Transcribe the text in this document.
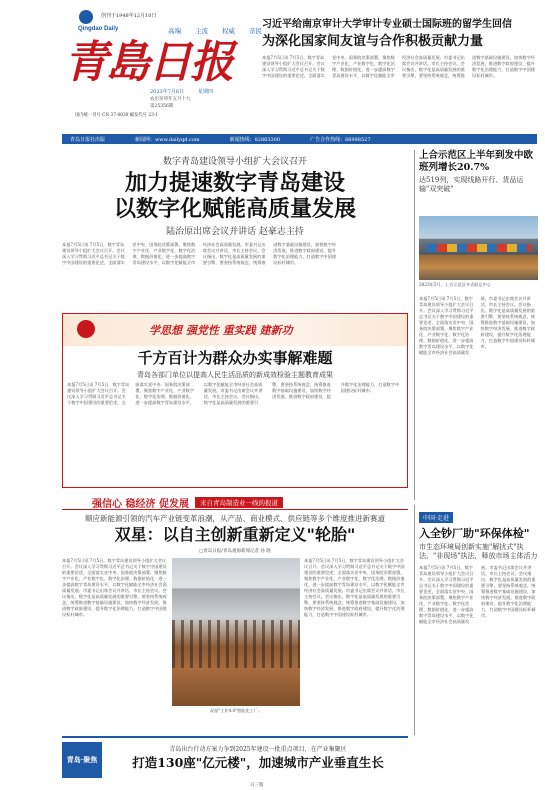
Qingdao Daily
创刊于1948年12月10日
高端 主流 权威 亲民
青島日报
2023年7月6日	星期四
农历癸卯年五月十九
第25356期
国内统一刊号 CN 37-0030 邮发代号 23-1
习近平给南京审计大学审计专业硕士国际班的留学生回信
为深化国家间友谊与合作积极贡献力量
本报7月5日讯 7月5日，数字青岛建设领导小组扩大会议召开。会议深入学习贯彻习近平总书记关于数字中国建设的重要论述，全面落实党中央、国务院决策部署，聚焦数字产业化、产业数字化、数字化治理、数据价值化，进一步提高数字青岛建设水平，以数字化赋能全市经济社会高质量发展。市委书记出席会议并讲话，市长主持会议。会议指出，数字化是高质量发展的重要引擎，要坚持系统观念，统筹推进数字基础设施建设，加快数字经济发展，推进数字政府建设，提升数字化治理能力，打造数字中国建设标杆城市。
青岛日报社出版	新闻网：www.dailyqd.com	新闻热线：82863300	广告合作热线：66988527
数字青岛建设领导小组扩大会议召开
加力提速数字青岛建设
以数字化赋能高质量发展
陆治原出席会议并讲话 赵豪志主持
本报7月5日讯 7月5日，数字青岛建设领导小组扩大会议召开。会议深入学习贯彻习近平总书记关于数字中国建设的重要论述，全面落实党中央、国务院决策部署，聚焦数字产业化、产业数字化、数字化治理、数据价值化，进一步提高数字青岛建设水平，以数字化赋能全市经济社会高质量发展。市委书记出席会议并讲话，市长主持会议。会议指出，数字化是高质量发展的重要引擎，要坚持系统观念，统筹推进数字基础设施建设，加快数字经济发展，推进数字政府建设，提升数字化治理能力，打造数字中国建设标杆城市。
上合示范区上半年到发中欧班列增长20.7%
达519列，实现线路开行、货品运输"双突破"
2023年5月，上合示范区多式联运中心
本报7月5日讯 7月5日，数字青岛建设领导小组扩大会议召开。会议深入学习贯彻习近平总书记关于数字中国建设的重要论述，全面落实党中央、国务院决策部署，聚焦数字产业化、产业数字化、数字化治理、数据价值化，进一步提高数字青岛建设水平，以数字化赋能全市经济社会高质量发展。市委书记出席会议并讲话，市长主持会议。会议指出，数字化是高质量发展的重要引擎，要坚持系统观念，统筹推进数字基础设施建设，加快数字经济发展，推进数字政府建设，提升数字化治理能力，打造数字中国建设标杆城市。
学思想 强党性 重实践 建新功
千方百计为群众办实事解难题
青岛各部门单位以提高人民生活品质的新成效检验主题教育成果
本报7月5日讯 7月5日，数字青岛建设领导小组扩大会议召开。会议深入学习贯彻习近平总书记关于数字中国建设的重要论述，全面落实党中央、国务院决策部署，聚焦数字产业化、产业数字化、数字化治理、数据价值化，进一步提高数字青岛建设水平，以数字化赋能全市经济社会高质量发展。市委书记出席会议并讲话，市长主持会议。会议指出，数字化是高质量发展的重要引擎，要坚持系统观念，统筹推进数字基础设施建设，加快数字经济发展，推进数字政府建设，提升数字化治理能力，打造数字中国建设标杆城市。
强信心 稳经济 促发展	来自青岛制造业一线的报道
顺应新能源引领的汽车产业链变革浪潮，从产品、商业模式、供应链等多个维度推进新赛道
双星：以自主创新重新定义"轮胎"
□青岛日报/青岛观海新闻记者 孙 晓
本报7月5日讯 7月5日，数字青岛建设领导小组扩大会议召开。会议深入学习贯彻习近平总书记关于数字中国建设的重要论述，全面落实党中央、国务院决策部署，聚焦数字产业化、产业数字化、数字化治理、数据价值化，进一步提高数字青岛建设水平，以数字化赋能全市经济社会高质量发展。市委书记出席会议并讲话，市长主持会议。会议指出，数字化是高质量发展的重要引擎，要坚持系统观念，统筹推进数字基础设施建设，加快数字经济发展，推进数字政府建设，提升数字化治理能力，打造数字中国建设标杆城市。
双星"工业4.0"智能化工厂。
本报7月5日讯 7月5日，数字青岛建设领导小组扩大会议召开。会议深入学习贯彻习近平总书记关于数字中国建设的重要论述，全面落实党中央、国务院决策部署，聚焦数字产业化、产业数字化、数字化治理、数据价值化，进一步提高数字青岛建设水平，以数字化赋能全市经济社会高质量发展。市委书记出席会议并讲话，市长主持会议。会议指出，数字化是高质量发展的重要引擎，要坚持系统观念，统筹推进数字基础设施建设，加快数字经济发展，推进数字政府建设，提升数字化治理能力，打造数字中国建设标杆城市。
中国·走进
入全钞厂助"环保体检"
市生态环境局创新实施"解扰式"执法、"非现场"执法，释放市场主体活力
本报7月5日讯 7月5日，数字青岛建设领导小组扩大会议召开。会议深入学习贯彻习近平总书记关于数字中国建设的重要论述，全面落实党中央、国务院决策部署，聚焦数字产业化、产业数字化、数字化治理、数据价值化，进一步提高数字青岛建设水平，以数字化赋能全市经济社会高质量发展。市委书记出席会议并讲话，市长主持会议。会议指出，数字化是高质量发展的重要引擎，要坚持系统观念，统筹推进数字基础设施建设，加快数字经济发展，推进数字政府建设，提升数字化治理能力，打造数字中国建设标杆城市。
青岛·聚焦
青岛出台行动方案力争到2025年建设一批重点项目，在产业集聚区
打造130座"亿元楼"，加速城市产业垂直生长
日三版
